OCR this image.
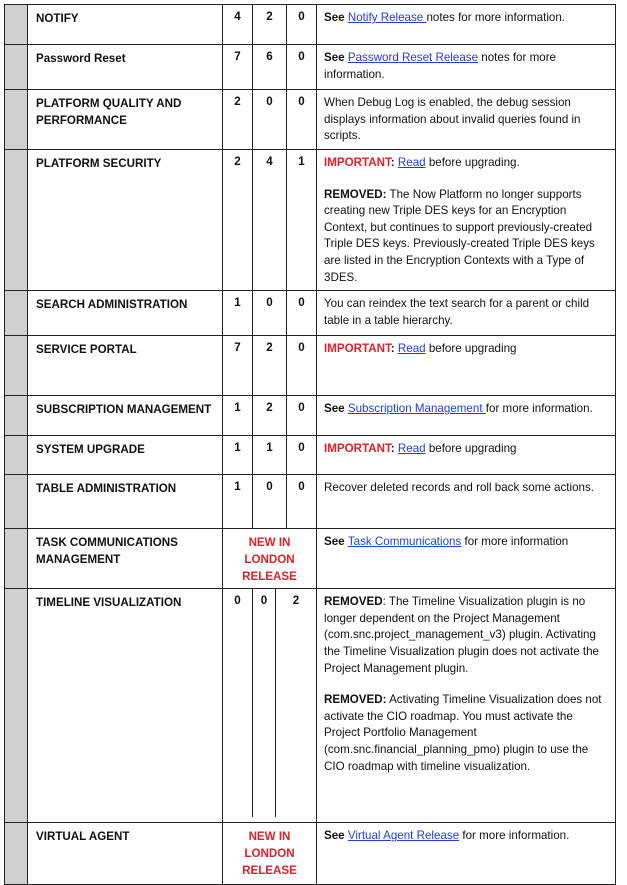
	NOTIFY	4	2	0	See Notify Release notes for more information.
	Password Reset	7	6	0	See Password Reset Release notes for more information.
	PLATFORM QUALITY AND PERFORMANCE	2	0	0	When Debug Log is enabled, the debug session displays information about invalid queries found in scripts.
	PLATFORM SECURITY	2	4	1	IMPORTANT: Read before upgrading.
REMOVED: The Now Platform no longer supports creating new Triple DES keys for an Encryption Context, but continues to support previously-created Triple DES keys. Previously-created Triple DES keys are listed in the Encryption Contexts with a Type of 3DES.

	SEARCH ADMINISTRATION	1	0	0	You can reindex the text search for a parent or child table in a table hierarchy.
	SERVICE PORTAL	7	2	0	IMPORTANT: Read before upgrading
	SUBSCRIPTION MANAGEMENT	1	2	0	See Subscription Management for more information.
	SYSTEM UPGRADE	1	1	0	IMPORTANT: Read before upgrading
	TABLE ADMINISTRATION	1	0	0	Recover deleted records and roll back some actions.
	TASK COMMUNICATIONS MANAGEMENT	NEW IN
LONDON
RELEASE			See Task Communications for more information
	TIMELINE VISUALIZATION	0	0	2	REMOVED: The Timeline Visualization plugin is no longer dependent on the Project Management (com.snc.project_management_v3) plugin. Activating the Timeline Visualization plugin does not activate the Project Management plugin.
REMOVED: Activating Timeline Visualization does not activate the CIO roadmap. You must activate the Project Portfolio Management (com.snc.financial_planning_pmo) plugin to use the CIO roadmap with timeline visualization.

	VIRTUAL AGENT	NEW IN
LONDON
RELEASE			See Virtual Agent Release for more information.
